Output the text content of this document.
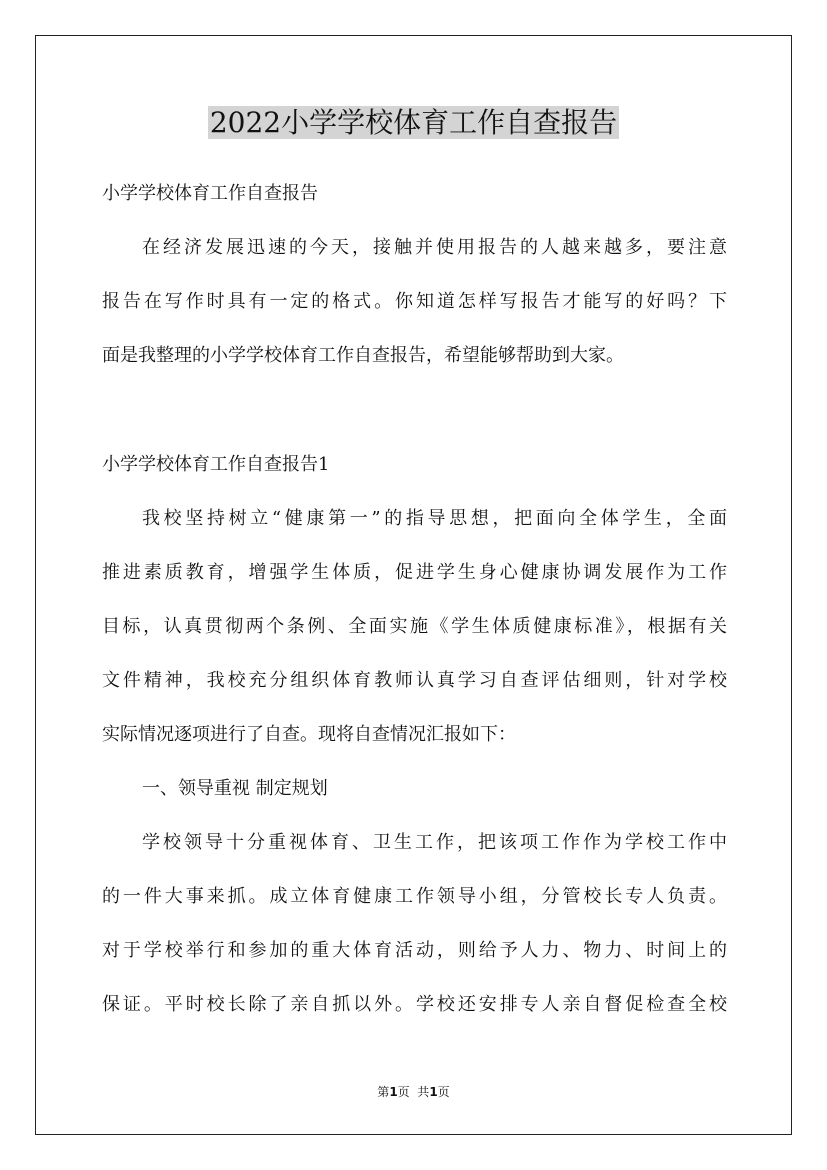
2022小学学校体育工作自查报告
小学学校体育工作自查报告
在经济发展迅速的今天，接触并使用报告的人越来越多，要注意
报告在写作时具有一定的格式。你知道怎样写报告才能写的好吗？下
面是我整理的小学学校体育工作自查报告，希望能够帮助到大家。
小学学校体育工作自查报告1
我校坚持树立“健康第一”的指导思想，把面向全体学生，全面
推进素质教育，增强学生体质，促进学生身心健康协调发展作为工作
目标，认真贯彻两个条例、全面实施《学生体质健康标准》，根据有关
文件精神，我校充分组织体育教师认真学习自查评估细则，针对学校
实际情况逐项进行了自查。现将自查情况汇报如下：
一、领导重视 制定规划
学校领导十分重视体育、卫生工作，把该项工作作为学校工作中
的一件大事来抓。成立体育健康工作领导小组，分管校长专人负责。
对于学校举行和参加的重大体育活动，则给予人力、物力、时间上的
保证。平时校长除了亲自抓以外。学校还安排专人亲自督促检查全校
第1页  共1页
